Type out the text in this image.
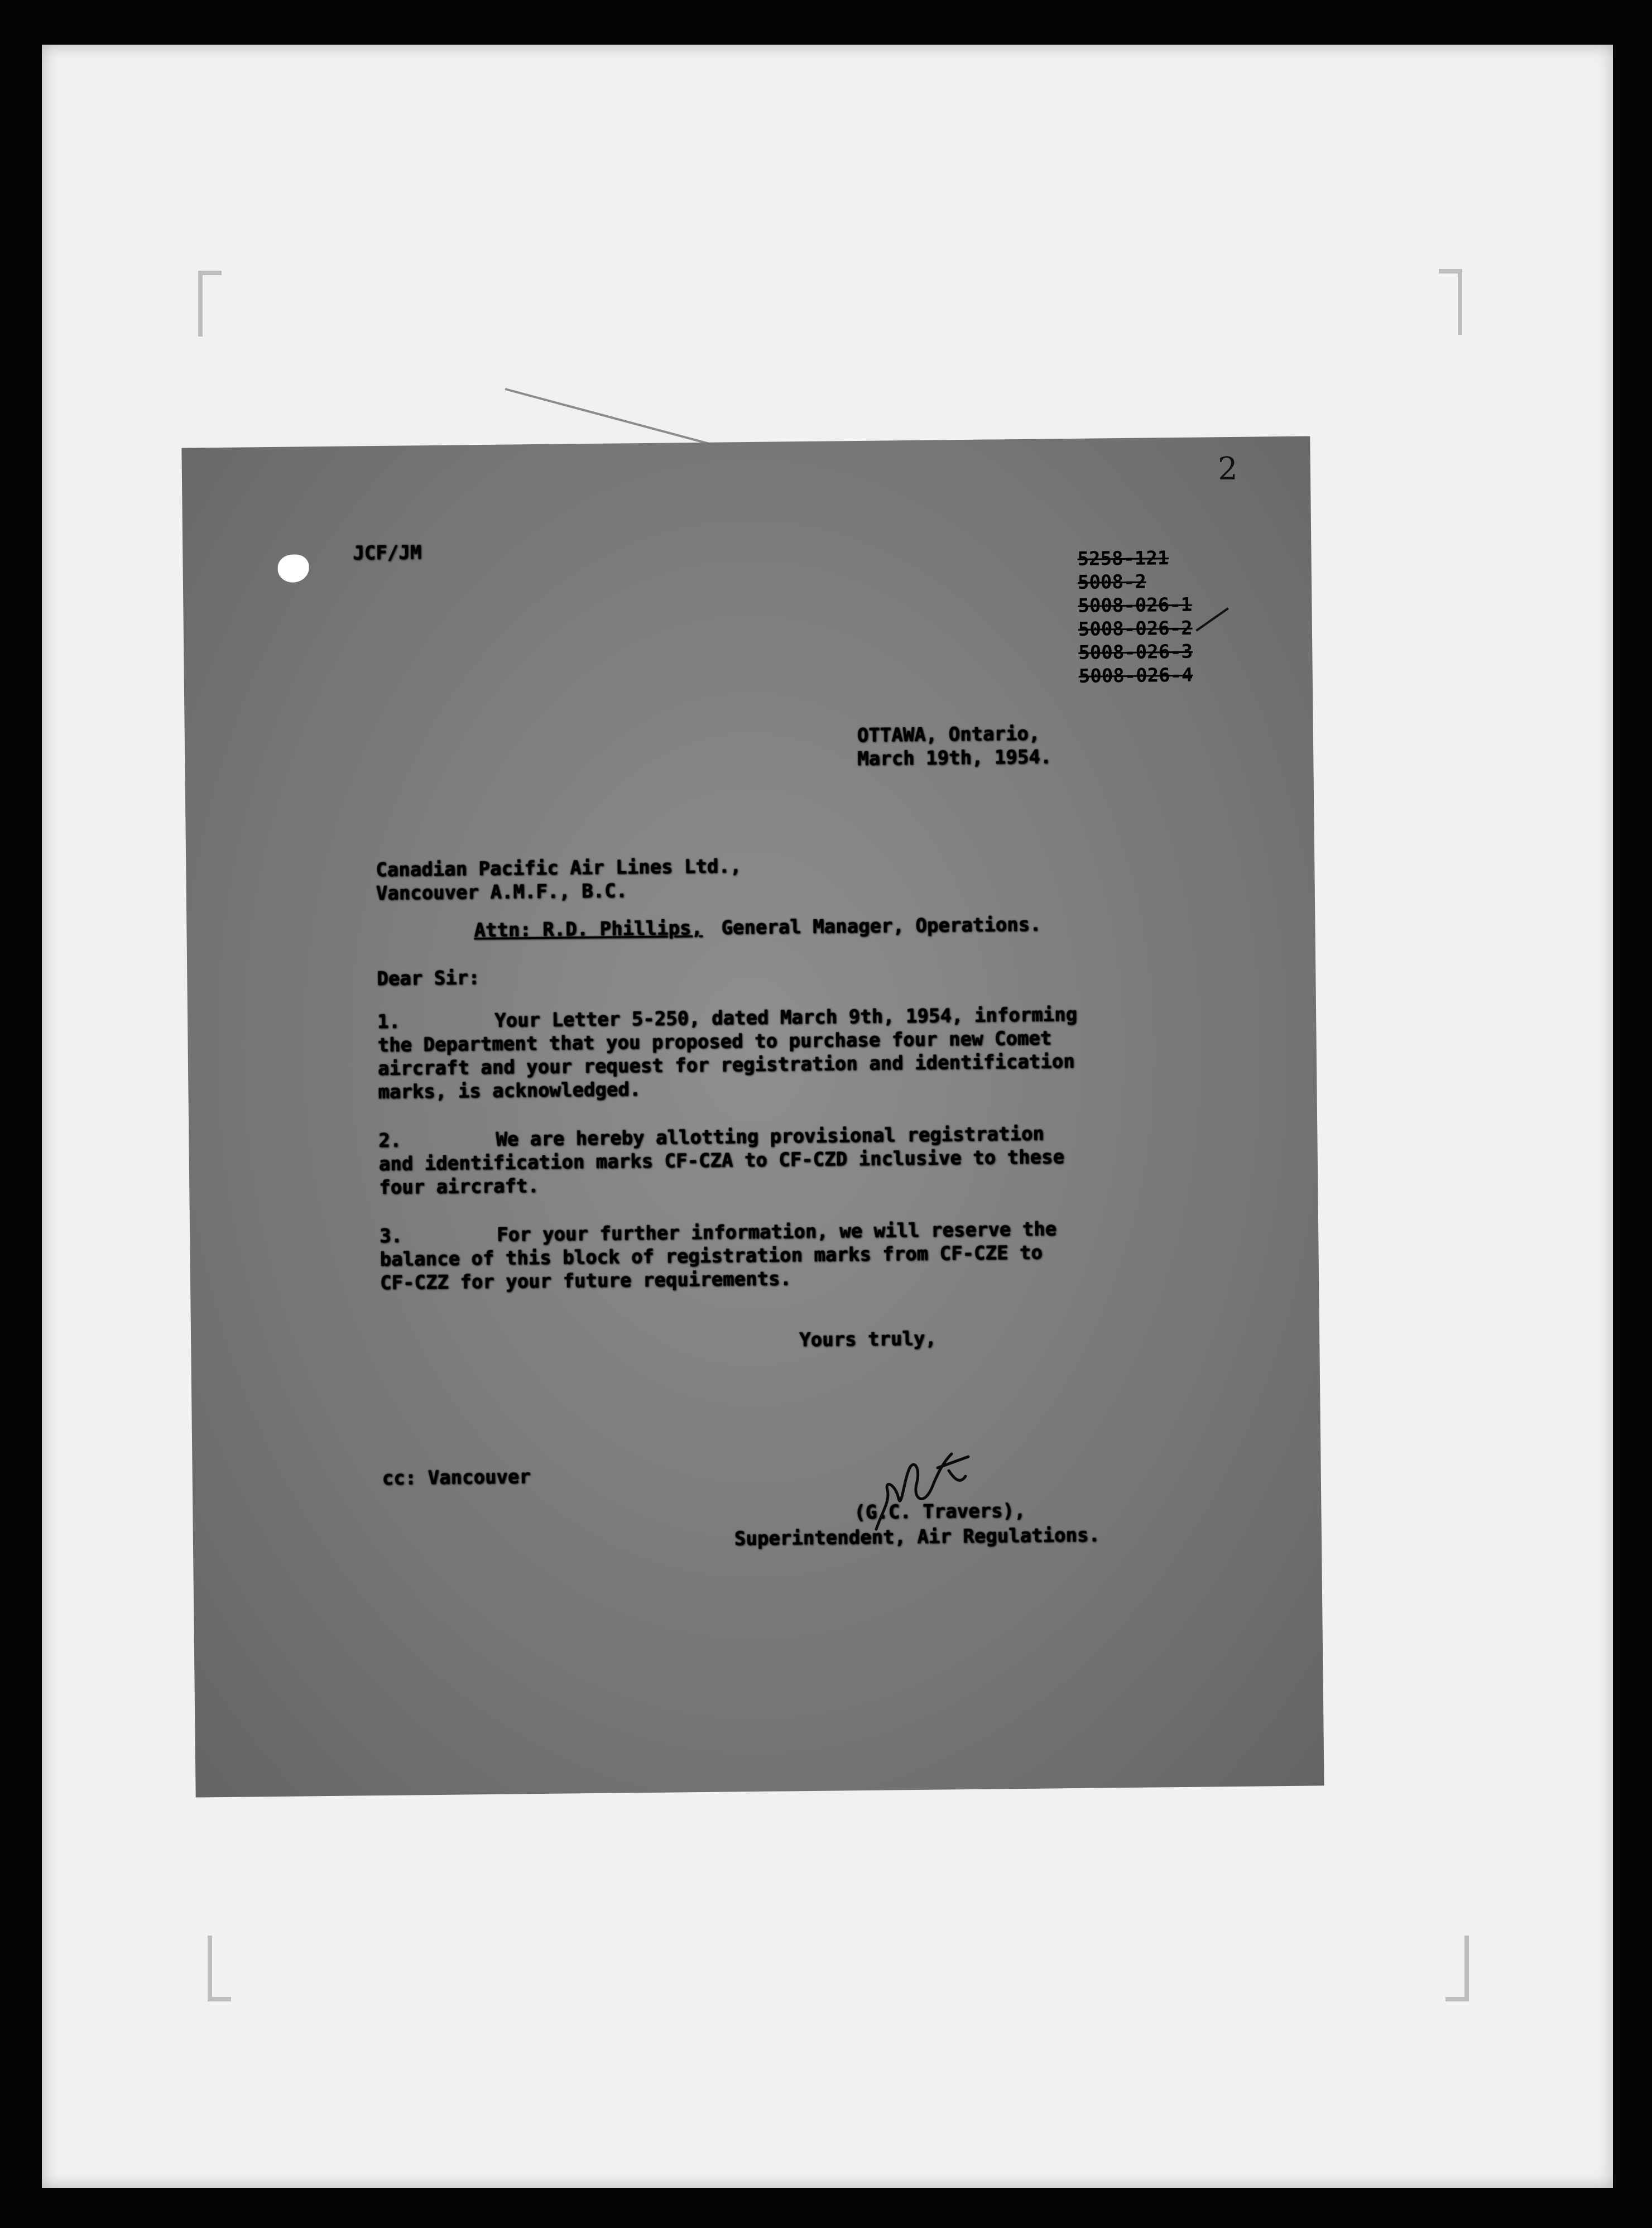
JCF/JM	5258-121
5008-2
5008-026-1
5008-026-2
5008-026-3
5008-026-4
OTTAWA, Ontario,
March 19th, 1954.
Canadian Pacific Air Lines Ltd.,
Vancouver A.M.F., B.C.
Attn: R.D. Phillips, General Manager, Operations.
Dear Sir:
1.	Your Letter 5-250, dated March 9th, 1954, informing
the Department that you proposed to purchase four new Comet
aircraft and your request for registration and identification
marks, is acknowledged.
2.	We are hereby allotting provisional registration
and identification marks CF-CZA to CF-CZD inclusive to these
four aircraft.
3.	For your further information, we will reserve the
balance of this block of registration marks from CF-CZE to
CF-CZZ for your future requirements.
Yours truly,
cc: Vancouver
(G.C. Travers),
Superintendent, Air Regulations.
2
